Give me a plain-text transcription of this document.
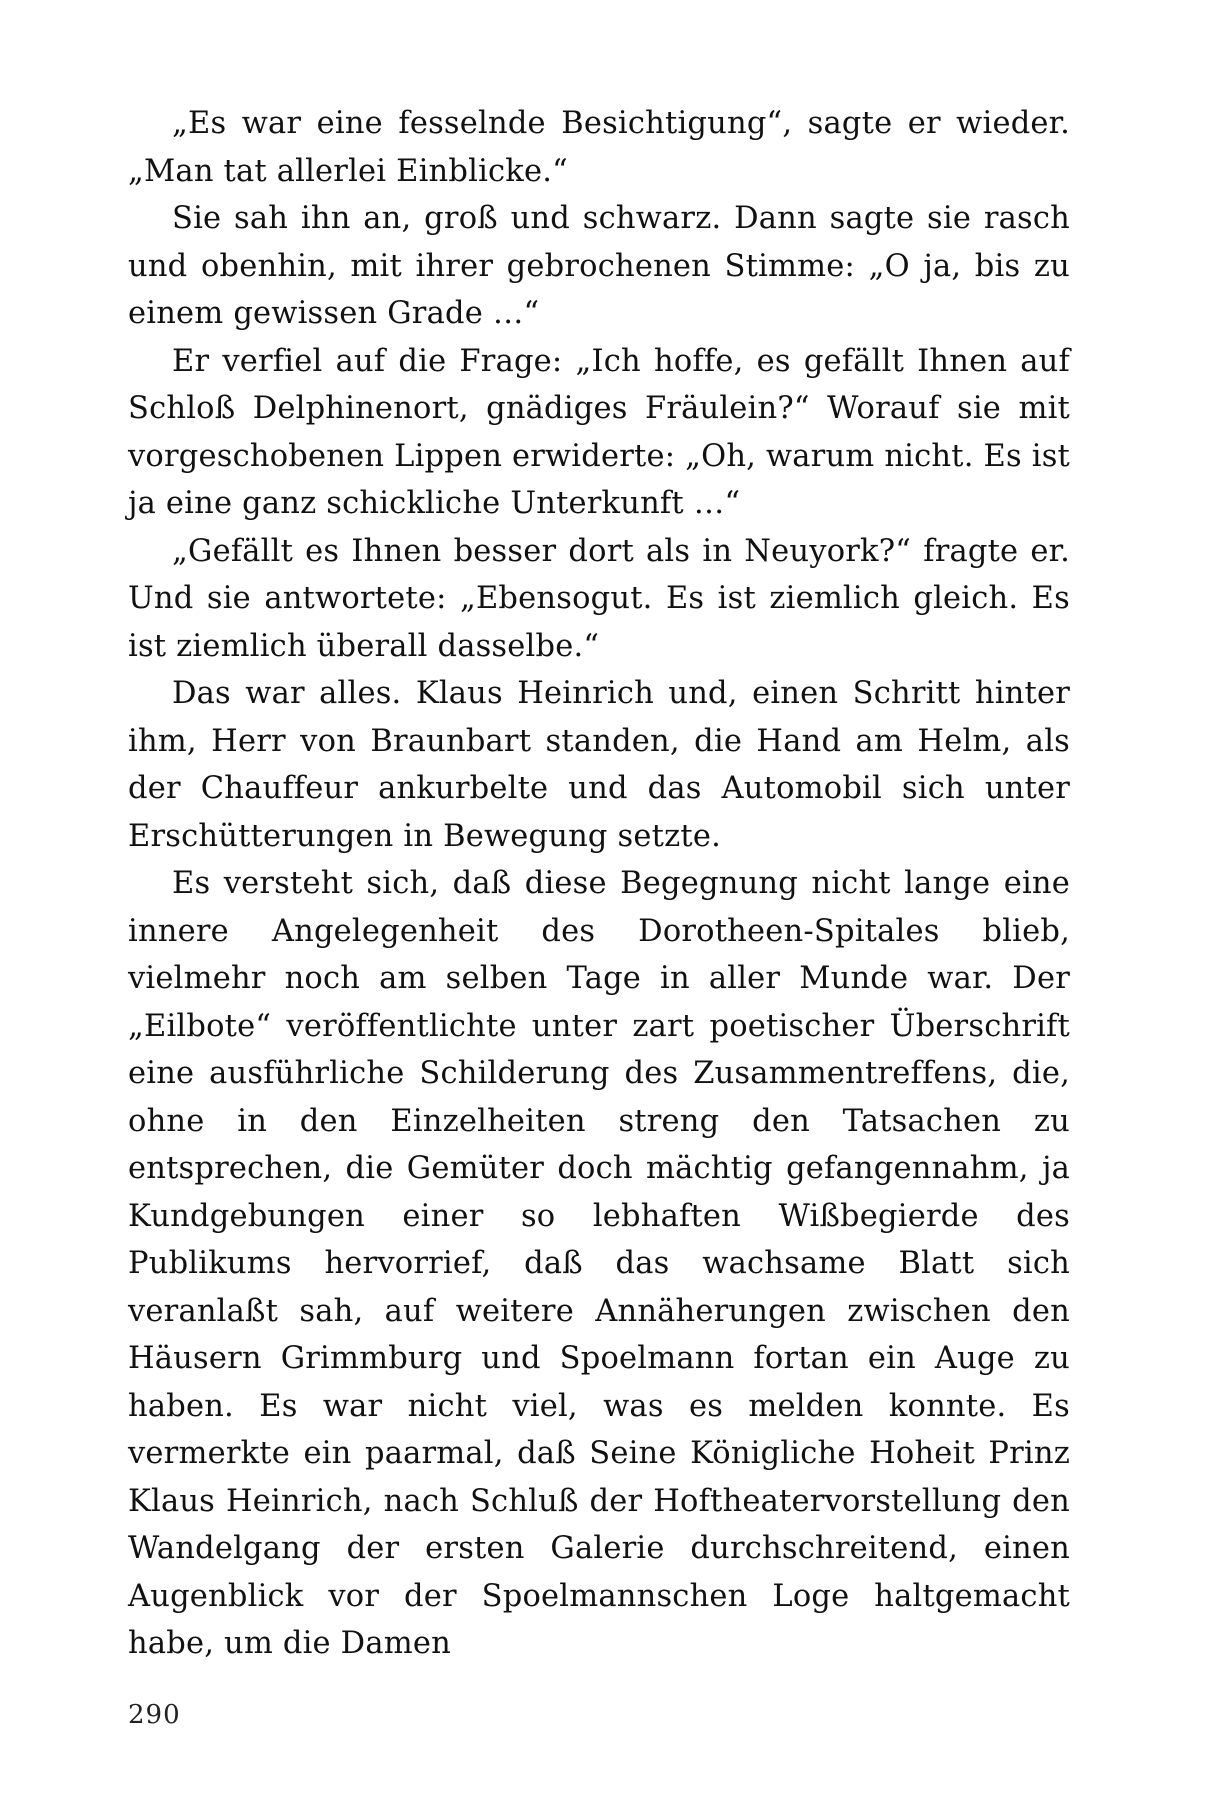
„Es war eine fesselnde Besichtigung“, sagte er wieder. „Man tat allerlei Einblicke.“

Sie sah ihn an, groß und schwarz. Dann sagte sie rasch und obenhin, mit ihrer gebrochenen Stimme: „O ja, bis zu einem gewissen Grade …“

Er verfiel auf die Frage: „Ich hoffe, es gefällt Ihnen auf Schloß Delphinenort, gnädiges Fräulein?“ Worauf sie mit vorgeschobenen Lippen erwiderte: „Oh, warum nicht. Es ist ja eine ganz schickliche Unterkunft …“

„Gefällt es Ihnen besser dort als in Neuyork?“ fragte er. Und sie antwortete: „Ebensogut. Es ist ziemlich gleich. Es ist ziemlich überall dasselbe.“

Das war alles. Klaus Heinrich und, einen Schritt hinter ihm, Herr von Braunbart standen, die Hand am Helm, als der Chauffeur ankurbelte und das Automobil sich unter Erschütterungen in Bewegung setzte.

Es versteht sich, daß diese Begegnung nicht lange eine innere Angelegenheit des Dorotheen-Spitales blieb, vielmehr noch am selben Tage in aller Munde war. Der „Eilbote“ veröffentlichte unter zart poetischer Überschrift eine ausführliche Schilderung des Zusammentreffens, die, ohne in den Einzelheiten streng den Tatsachen zu entsprechen, die Gemüter doch mächtig gefangennahm, ja Kundgebungen einer so lebhaften Wißbegierde des Publikums hervorrief, daß das wachsame Blatt sich veranlaßt sah, auf weitere Annäherungen zwischen den Häusern Grimmburg und Spoelmann fortan ein Auge zu haben. Es war nicht viel, was es melden konnte. Es vermerkte ein paarmal, daß Seine Königliche Hoheit Prinz Klaus Heinrich, nach Schluß der Hoftheatervorstellung den Wandelgang der ersten Galerie durchschreitend, einen Augenblick vor der Spoelmannschen Loge haltgemacht habe, um die Damen

290
